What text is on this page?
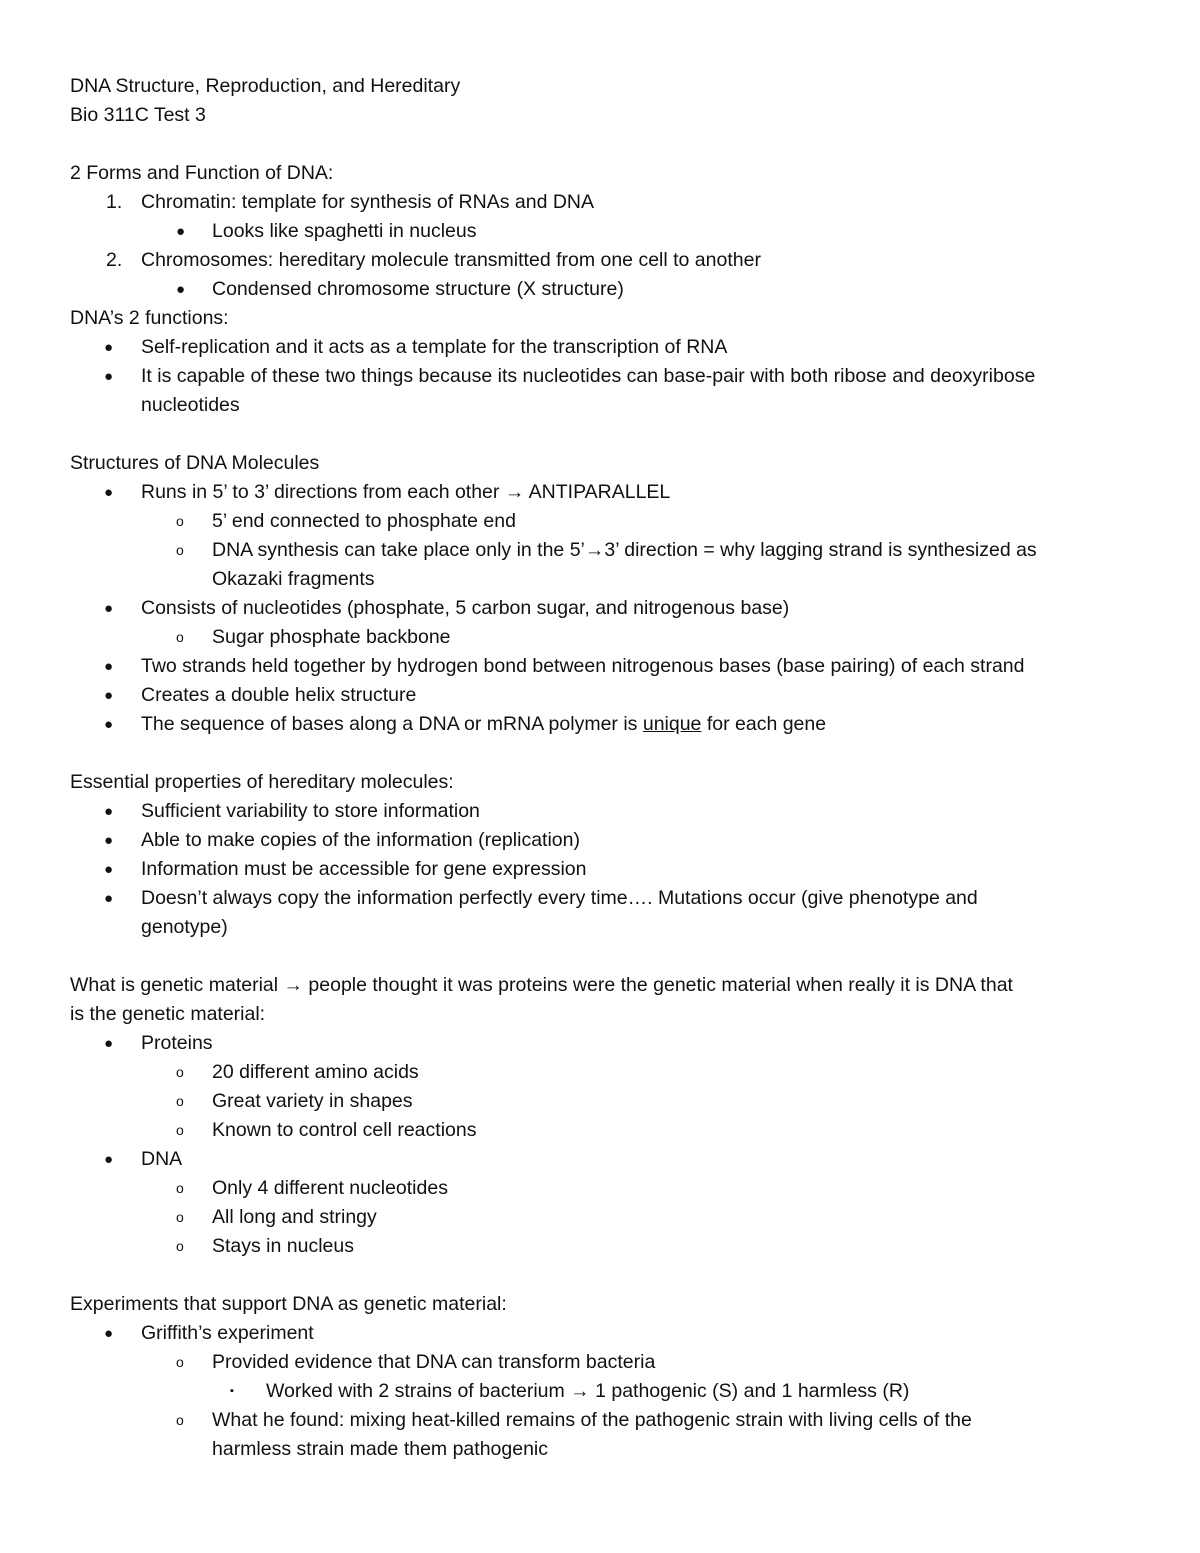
DNA Structure, Reproduction, and Hereditary
Bio 311C Test 3
2 Forms and Function of DNA:
1. Chromatin: template for synthesis of RNAs and DNA
● Looks like spaghetti in nucleus
2. Chromosomes: hereditary molecule transmitted from one cell to another
● Condensed chromosome structure (X structure)
DNA’s 2 functions:
● Self-replication and it acts as a template for the transcription of RNA
● It is capable of these two things because its nucleotides can base-pair with both ribose and deoxyribose
nucleotides
Structures of DNA Molecules
● Runs in 5’ to 3’ directions from each other → ANTIPARALLEL
o 5’ end connected to phosphate end
o DNA synthesis can take place only in the 5’→3’ direction = why lagging strand is synthesized as
Okazaki fragments
● Consists of nucleotides (phosphate, 5 carbon sugar, and nitrogenous base)
o Sugar phosphate backbone
● Two strands held together by hydrogen bond between nitrogenous bases (base pairing) of each strand
● Creates a double helix structure
● The sequence of bases along a DNA or mRNA polymer is unique for each gene
Essential properties of hereditary molecules:
● Sufficient variability to store information
● Able to make copies of the information (replication)
● Information must be accessible for gene expression
● Doesn’t always copy the information perfectly every time…. Mutations occur (give phenotype and
genotype)
What is genetic material → people thought it was proteins were the genetic material when really it is DNA that
is the genetic material:
● Proteins
o 20 different amino acids
o Great variety in shapes
o Known to control cell reactions
● DNA
o Only 4 different nucleotides
o All long and stringy
o Stays in nucleus
Experiments that support DNA as genetic material:
● Griffith’s experiment
o Provided evidence that DNA can transform bacteria
▪ Worked with 2 strains of bacterium → 1 pathogenic (S) and 1 harmless (R)
o What he found: mixing heat-killed remains of the pathogenic strain with living cells of the
harmless strain made them pathogenic
